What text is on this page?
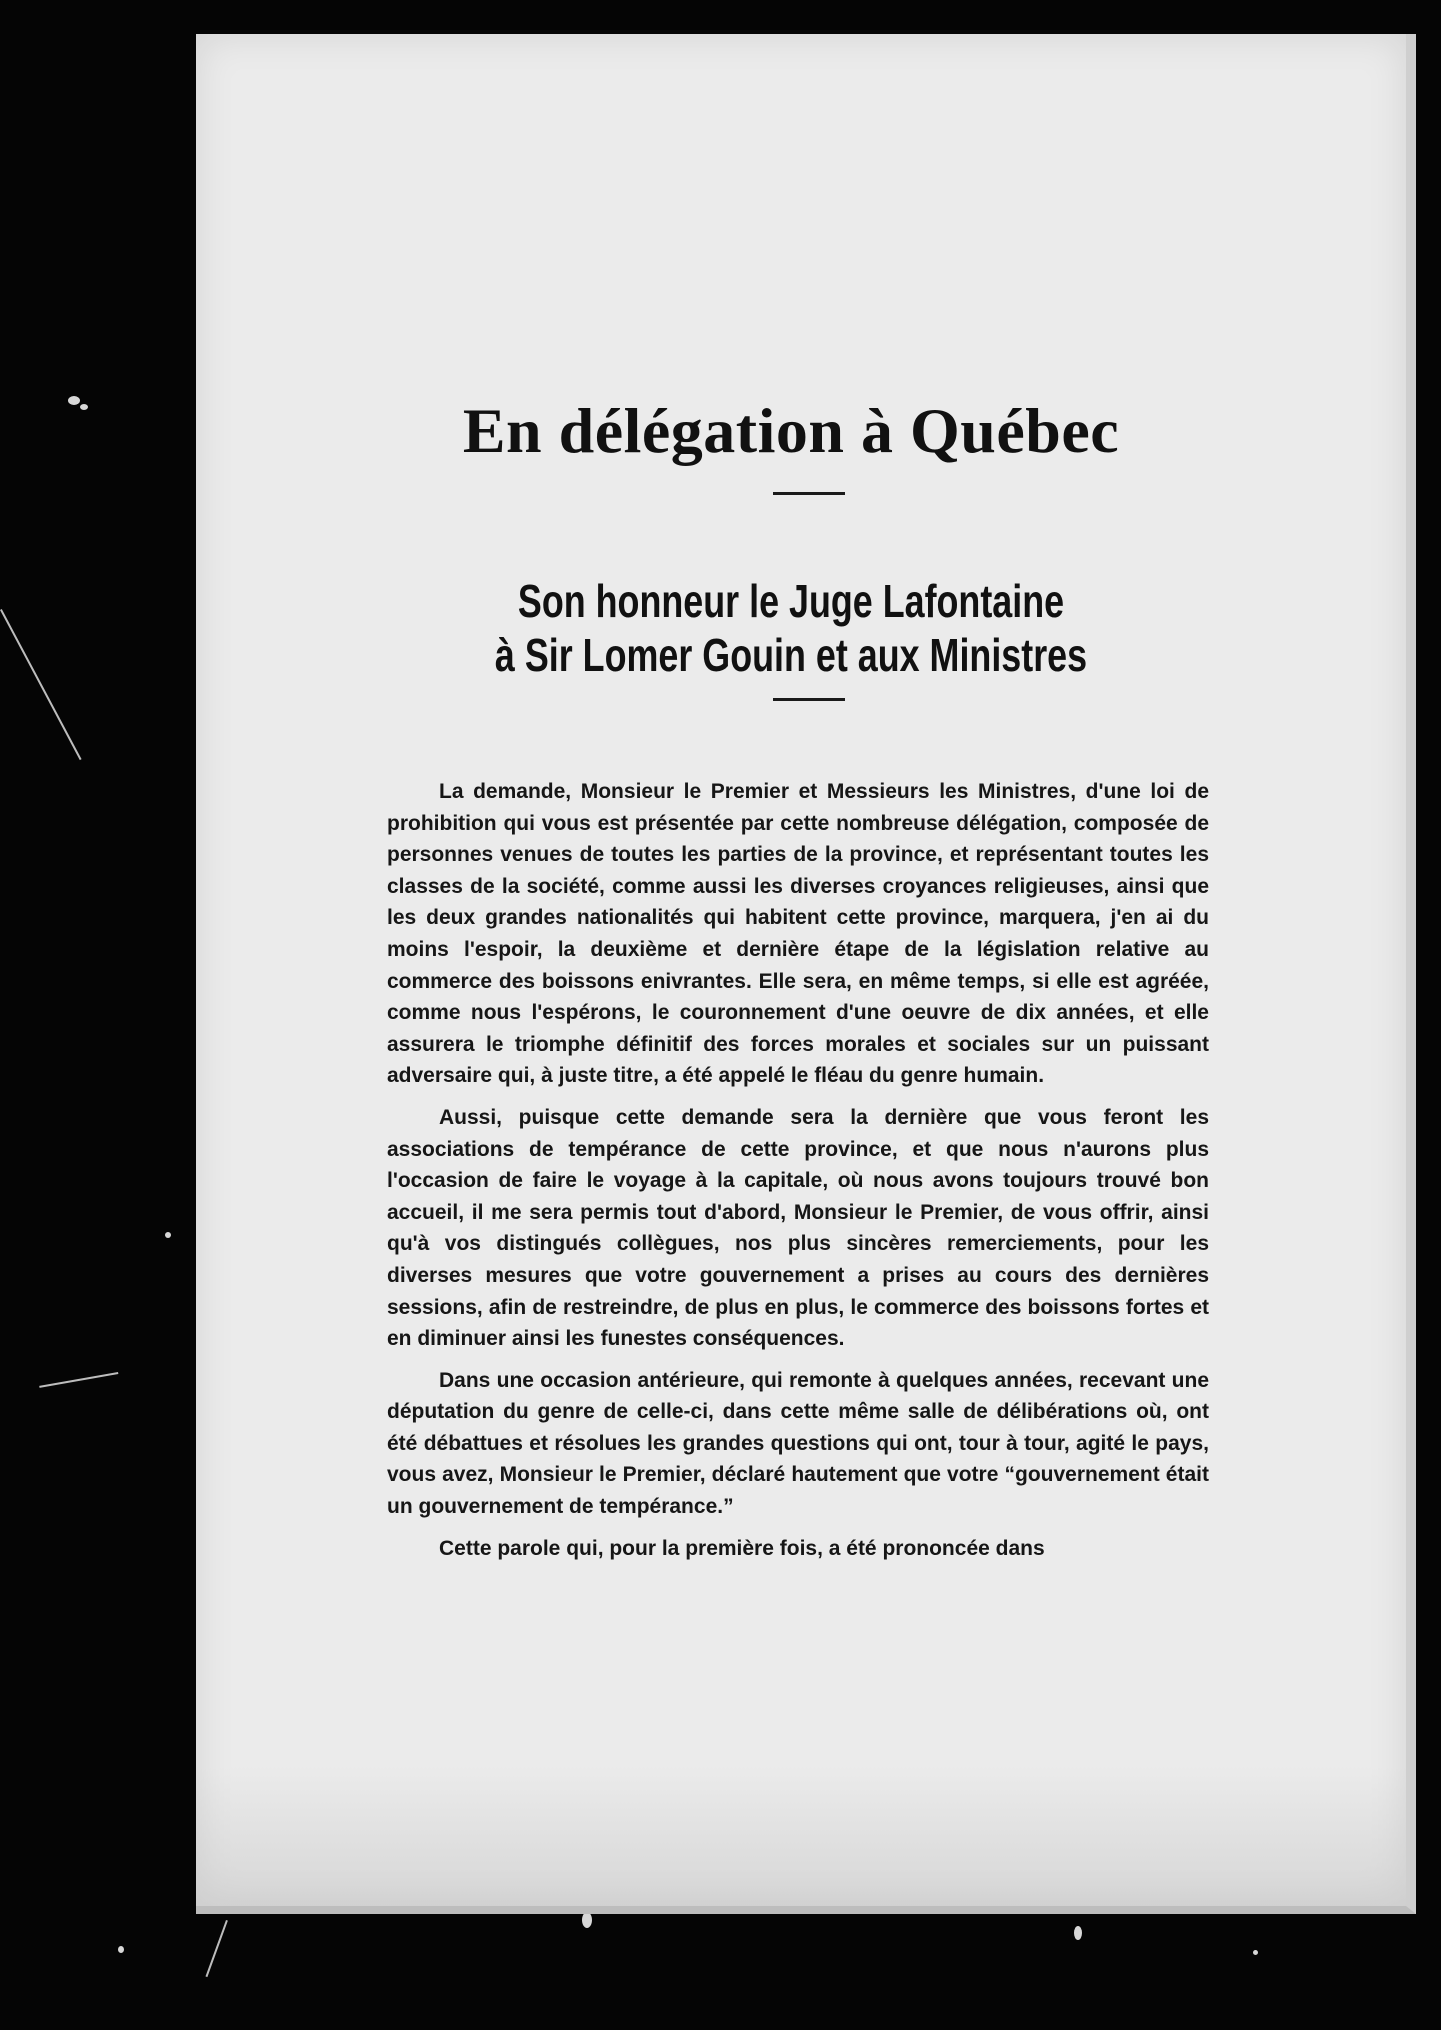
En délégation à Québec
Son honneur le Juge Lafontaine
à Sir Lomer Gouin et aux Ministres

La demande, Monsieur le Premier et Messieurs les Ministres, d'une loi de prohibition qui vous est présentée par cette nombreuse délégation, composée de personnes venues de toutes les parties de la province, et représentant toutes les classes de la société, comme aussi les diverses croyances religieuses, ainsi que les deux grandes nationalités qui habitent cette province, marquera, j'en ai du moins l'espoir, la deuxième et dernière étape de la législation relative au commerce des boissons enivrantes. Elle sera, en même temps, si elle est agréée, comme nous l'espérons, le couronnement d'une oeuvre de dix années, et elle assurera le triomphe définitif des forces morales et sociales sur un puissant adversaire qui, à juste titre, a été appelé le fléau du genre humain.

Aussi, puisque cette demande sera la dernière que vous feront les associations de tempérance de cette province, et que nous n'aurons plus l'occasion de faire le voyage à la capitale, où nous avons toujours trouvé bon accueil, il me sera permis tout d'abord, Monsieur le Premier, de vous offrir, ainsi qu'à vos distingués collègues, nos plus sincères remerciements, pour les diverses mesures que votre gouvernement a prises au cours des dernières sessions, afin de restreindre, de plus en plus, le commerce des boissons fortes et en diminuer ainsi les funestes conséquences.

Dans une occasion antérieure, qui remonte à quelques années, recevant une députation du genre de celle-ci, dans cette même salle de délibérations où, ont été débattues et résolues les grandes questions qui ont, tour à tour, agité le pays, vous avez, Monsieur le Premier, déclaré hautement que votre “gouvernement était un gouvernement de tempérance.”

Cette parole qui, pour la première fois, a été prononcée dans
